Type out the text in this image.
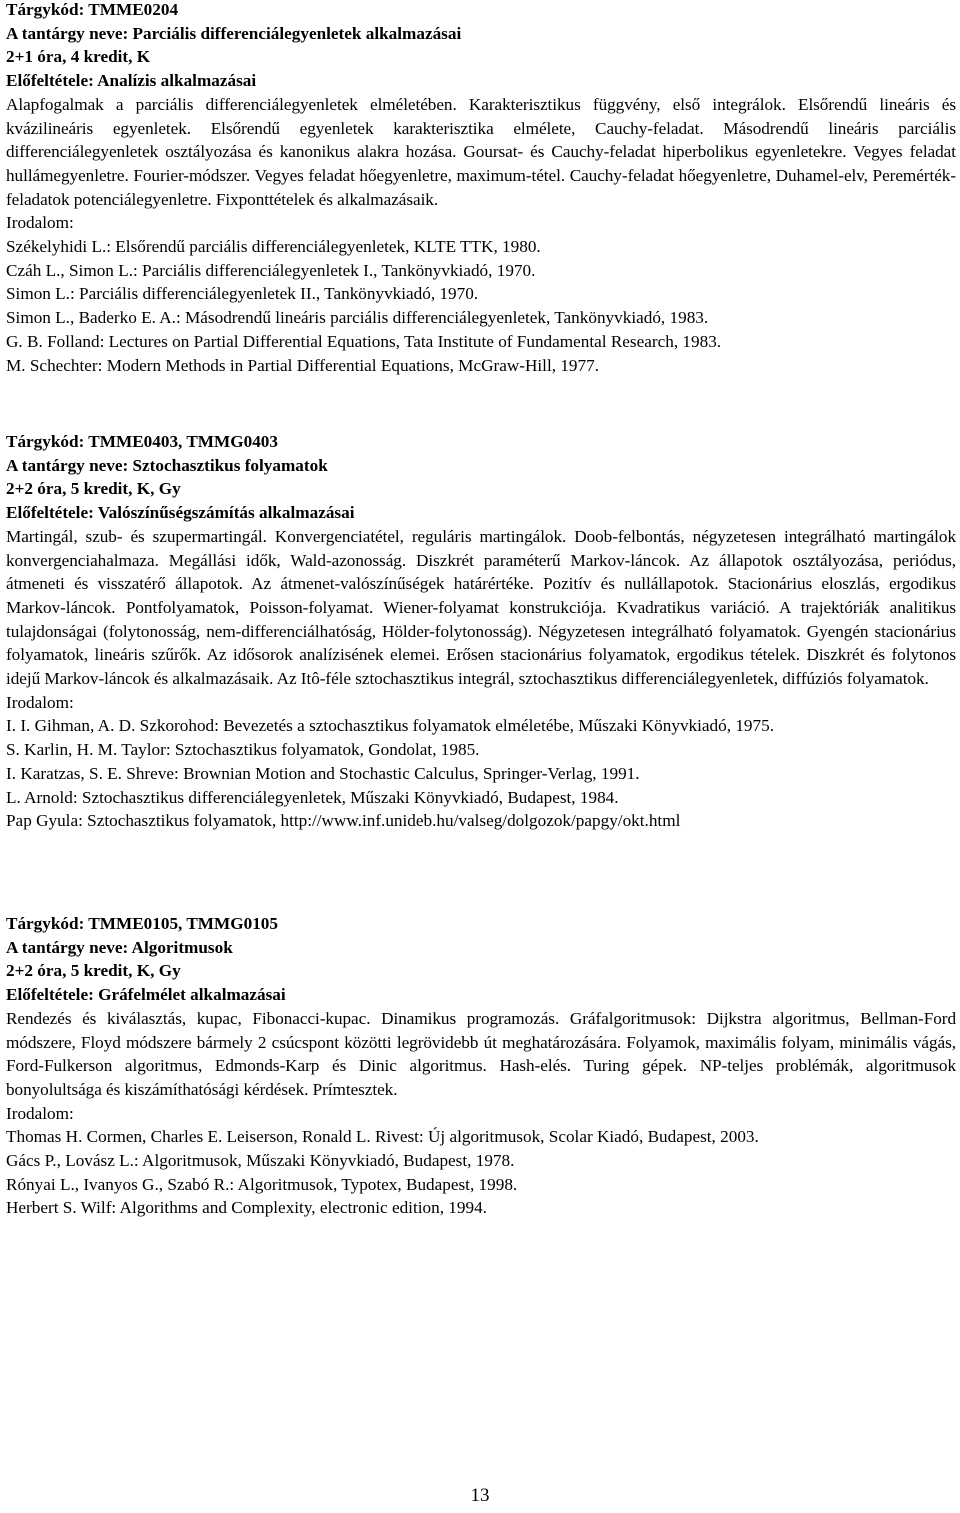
Tárgykód: TMME0204

A tantárgy neve: Parciális differenciálegyenletek alkalmazásai

2+1 óra, 4 kredit, K

Előfeltétele: Analízis alkalmazásai

Alapfogalmak a parciális differenciálegyenletek elméletében. Karakterisztikus függvény, első integrálok. Elsőrendű lineáris és kvázilineáris egyenletek. Elsőrendű egyenletek karakterisztika elmélete, Cauchy-feladat. Másodrendű lineáris parciális differenciálegyenletek osztályozása és kanonikus alakra hozása. Goursat- és Cauchy-feladat hiperbolikus egyenletekre. Vegyes feladat hullámegyenletre. Fourier-módszer. Vegyes feladat hőegyenletre, maximum-tétel. Cauchy-feladat hőegyenletre, Duhamel-elv, Peremérték-feladatok potenciálegyenletre. Fixponttételek és alkalmazásaik.

Irodalom:

Székelyhidi L.: Elsőrendű parciális differenciálegyenletek, KLTE TTK, 1980.

Czáh L., Simon L.: Parciális differenciálegyenletek I., Tankönyvkiadó, 1970.

Simon L.: Parciális differenciálegyenletek II., Tankönyvkiadó, 1970.

Simon L., Baderko E. A.: Másodrendű lineáris parciális differenciálegyenletek, Tankönyvkiadó, 1983.

G. B. Folland: Lectures on Partial Differential Equations, Tata Institute of Fundamental Research, 1983.

M. Schechter: Modern Methods in Partial Differential Equations, McGraw-Hill, 1977.

Tárgykód: TMME0403, TMMG0403

A tantárgy neve: Sztochasztikus folyamatok

2+2 óra, 5 kredit, K, Gy

Előfeltétele: Valószínűségszámítás alkalmazásai

Martingál, szub- és szupermartingál. Konvergenciatétel, reguláris martingálok. Doob-felbontás, négyzetesen integrálható martingálok konvergenciahalmaza. Megállási idők, Wald-azonosság. Diszkrét paraméterű Markov-láncok. Az állapotok osztályozása, periódus, átmeneti és visszatérő állapotok. Az átmenet-valószínűségek határértéke. Pozitív és nullállapotok. Stacionárius eloszlás, ergodikus Markov-láncok. Pontfolyamatok, Poisson-folyamat. Wiener-folyamat konstrukciója. Kvadratikus variáció. A trajektóriák analitikus tulajdonságai (folytonosság, nem-differenciálhatóság, Hölder-folytonosság). Négyzetesen integrálható folyamatok. Gyengén stacionárius folyamatok, lineáris szűrők. Az idősorok analízisének elemei. Erősen stacionárius folyamatok, ergodikus tételek. Diszkrét és folytonos idejű Markov-láncok és alkalmazásaik. Az Itô-féle sztochasztikus integrál, sztochasztikus differenciálegyenletek, diffúziós folyamatok.

Irodalom:

I. I. Gihman, A. D. Szkorohod: Bevezetés a sztochasztikus folyamatok elméletébe, Műszaki Könyvkiadó, 1975.

S. Karlin, H. M. Taylor: Sztochasztikus folyamatok, Gondolat, 1985.

I. Karatzas, S. E. Shreve: Brownian Motion and Stochastic Calculus, Springer-Verlag, 1991.

L. Arnold: Sztochasztikus differenciálegyenletek, Műszaki Könyvkiadó, Budapest, 1984.

Pap Gyula: Sztochasztikus folyamatok, http://www.inf.unideb.hu/valseg/dolgozok/papgy/okt.html

Tárgykód: TMME0105, TMMG0105

A tantárgy neve: Algoritmusok

2+2 óra, 5 kredit, K, Gy

Előfeltétele: Gráfelmélet alkalmazásai

Rendezés és kiválasztás, kupac, Fibonacci-kupac. Dinamikus programozás. Gráfalgoritmusok: Dijkstra algoritmus, Bellman-Ford módszere, Floyd módszere bármely 2 csúcspont közötti legrövidebb út meghatározására. Folyamok, maximális folyam, minimális vágás, Ford-Fulkerson algoritmus, Edmonds-Karp és Dinic algoritmus. Hash-elés. Turing gépek. NP-teljes problémák, algoritmusok bonyolultsága és kiszámíthatósági kérdések. Prímtesztek.

Irodalom:

Thomas H. Cormen, Charles E. Leiserson, Ronald L. Rivest: Új algoritmusok, Scolar Kiadó, Budapest, 2003.

Gács P., Lovász L.: Algoritmusok, Műszaki Könyvkiadó, Budapest, 1978.

Rónyai L., Ivanyos G., Szabó R.: Algoritmusok, Typotex, Budapest, 1998.

Herbert S. Wilf: Algorithms and Complexity, electronic edition, 1994.

13
